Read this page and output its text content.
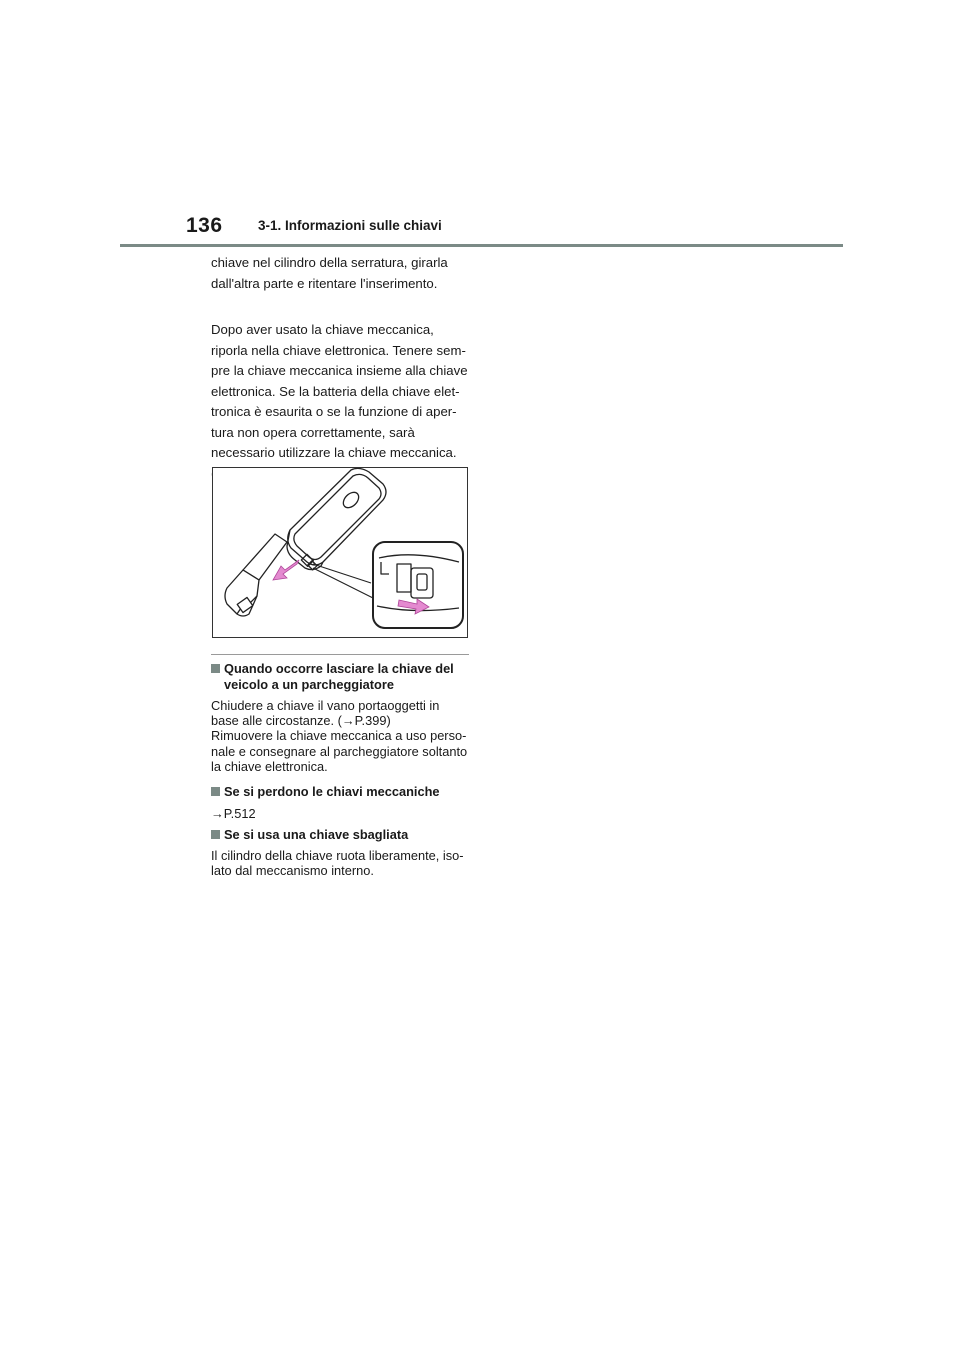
136	3-1. Informazioni sulle chiavi
chiave nel cilindro della serratura, girarla
dall'altra parte e ritentare l'inserimento.
Dopo aver usato la chiave meccanica,
riporla nella chiave elettronica. Tenere sem-
pre la chiave meccanica insieme alla chiave
elettronica. Se la batteria della chiave elet-
tronica è esaurita o se la funzione di aper-
tura non opera correttamente, sarà
necessario utilizzare la chiave meccanica.
Quando occorre lasciare la chiave del
veicolo a un parcheggiatore
Chiudere a chiave il vano portaoggetti in
base alle circostanze. (→P.399)
Rimuovere la chiave meccanica a uso perso-
nale e consegnare al parcheggiatore soltanto
la chiave elettronica.
Se si perdono le chiavi meccaniche
→P.512
Se si usa una chiave sbagliata
Il cilindro della chiave ruota liberamente, iso-
lato dal meccanismo interno.
